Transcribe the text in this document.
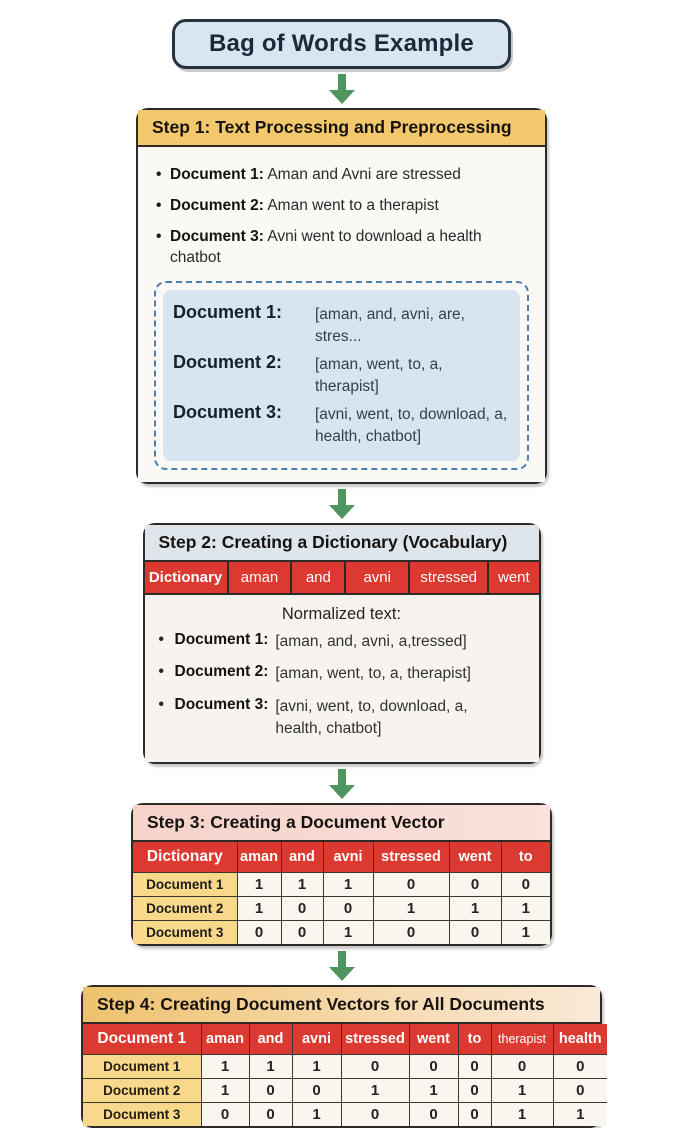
Bag of Words Example
Step 1: Text Processing and Preprocessing
• Document 1: Aman and Avni are stressed
• Document 2: Aman went to a therapist
• Document 3: Avni went to download a health chatbot
Document 1:	[aman, and, avni, are, stres...
Document 2:	[aman, went, to, a, therapist]
Document 3:	[avni, went, to, download, a, health, chatbot]
Step 2: Creating a Dictionary (Vocabulary)
Dictionary	aman	and	avni	stressed	went
Normalized text:
• Document 1: [aman, and, avni, a,tressed]
• Document 2: [aman, went, to, a, therapist]
• Document 3: [avni, went, to, download, a, health, chatbot]
Step 3: Creating a Document Vector
Dictionary	aman	and	avni	stressed	went	to
Document 1	1	1	1	0	0	0
Document 2	1	0	0	1	1	1
Document 3	0	0	1	0	0	1
Step 4: Creating Document Vectors for All Documents
Document 1	aman	and	avni	stressed	went	to	therapist	health
Document 1	1	1	1	0	0	0	0	0
Document 2	1	0	0	1	1	0	1	0
Document 3	0	0	1	0	0	0	1	1
